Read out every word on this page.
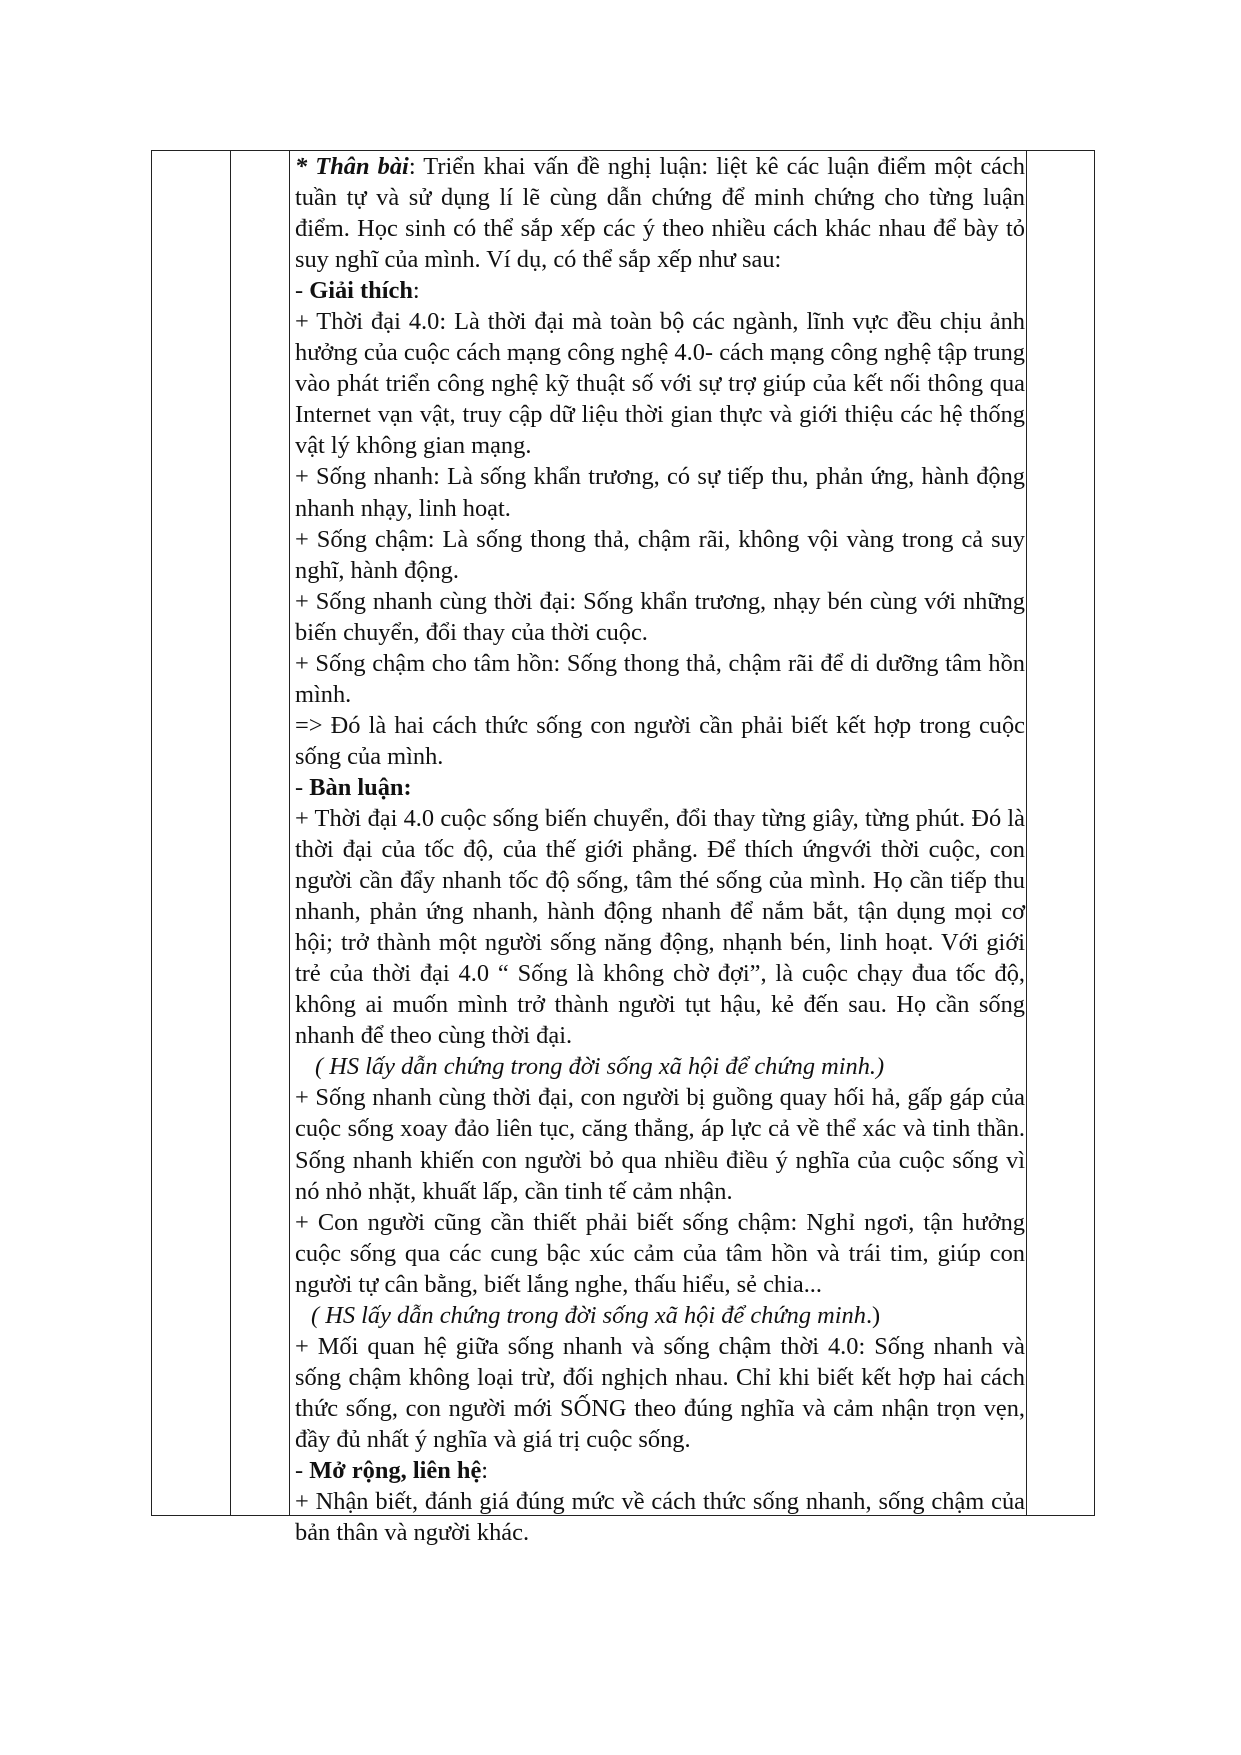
* Thân bài: Triển khai vấn đề nghị luận: liệt kê các luận điểm một cách tuần tự và sử dụng lí lẽ cùng dẫn chứng để minh chứng cho từng luận điểm. Học sinh có thể sắp xếp các ý theo nhiều cách khác nhau để bày tỏ suy nghĩ của mình. Ví dụ, có thể sắp xếp như sau:

- Giải thích:

+ Thời đại 4.0: Là thời đại mà toàn bộ các ngành, lĩnh vực đều chịu ảnh hưởng của cuộc cách mạng công nghệ 4.0- cách mạng công nghệ tập trung vào phát triển công nghệ kỹ thuật số với sự trợ giúp của kết nối thông qua Internet vạn vật, truy cập dữ liệu thời gian thực và giới thiệu các hệ thống vật lý không gian mạng.

+ Sống nhanh: Là sống khẩn trương, có sự tiếp thu, phản ứng, hành động nhanh nhạy, linh hoạt.

+ Sống chậm: Là sống thong thả, chậm rãi, không vội vàng trong cả suy nghĩ, hành động.

+ Sống nhanh cùng thời đại: Sống khẩn trương, nhạy bén cùng với những biến chuyển, đổi thay của thời cuộc.

+ Sống chậm cho tâm hồn: Sống thong thả, chậm rãi để di dưỡng tâm hồn mình.

=> Đó là hai cách thức sống con người cần phải biết kết hợp trong cuộc sống của mình.

- Bàn luận:

+ Thời đại 4.0 cuộc sống biến chuyển, đổi thay từng giây, từng phút. Đó là thời đại của tốc độ, của thế giới phẳng. Để thích ứngvới thời cuộc, con người cần đẩy nhanh tốc độ sống, tâm thé sống của mình. Họ cần tiếp thu nhanh, phản ứng nhanh, hành động nhanh để nắm bắt, tận dụng mọi cơ hội; trở thành một người sống năng động, nhạnh bén, linh hoạt. Với giới trẻ của thời đại 4.0 “ Sống là không chờ đợi”, là cuộc chạy đua tốc độ, không ai muốn mình trở thành người tụt hậu, kẻ đến sau. Họ cần sống nhanh để theo cùng thời đại.

( HS lấy dẫn chứng trong đời sống xã hội để chứng minh.)

+ Sống nhanh cùng thời đại, con người bị guồng quay hối hả, gấp gáp của cuộc sống xoay đảo liên tục, căng thẳng, áp lực cả về thể xác và tinh thần. Sống nhanh khiến con người bỏ qua nhiều điều ý nghĩa của cuộc sống vì nó nhỏ nhặt, khuất lấp, cần tinh tế cảm nhận.

+ Con người cũng cần thiết phải biết sống chậm: Nghỉ ngơi, tận hưởng cuộc sống qua các cung bậc xúc cảm của tâm hồn và trái tim, giúp con người tự cân bằng, biết lắng nghe, thấu hiểu, sẻ chia...

( HS lấy dẫn chứng trong đời sống xã hội để chứng minh.)

+ Mối quan hệ giữa sống nhanh và sống chậm thời 4.0: Sống nhanh và sống chậm không loại trừ, đối nghịch nhau. Chỉ khi biết kết hợp hai cách thức sống, con người mới SỐNG theo đúng nghĩa và cảm nhận trọn vẹn, đầy đủ nhất ý nghĩa và giá trị cuộc sống.

- Mở rộng, liên hệ:

+ Nhận biết, đánh giá đúng mức về cách thức sống nhanh, sống chậm của bản thân và người khác.
